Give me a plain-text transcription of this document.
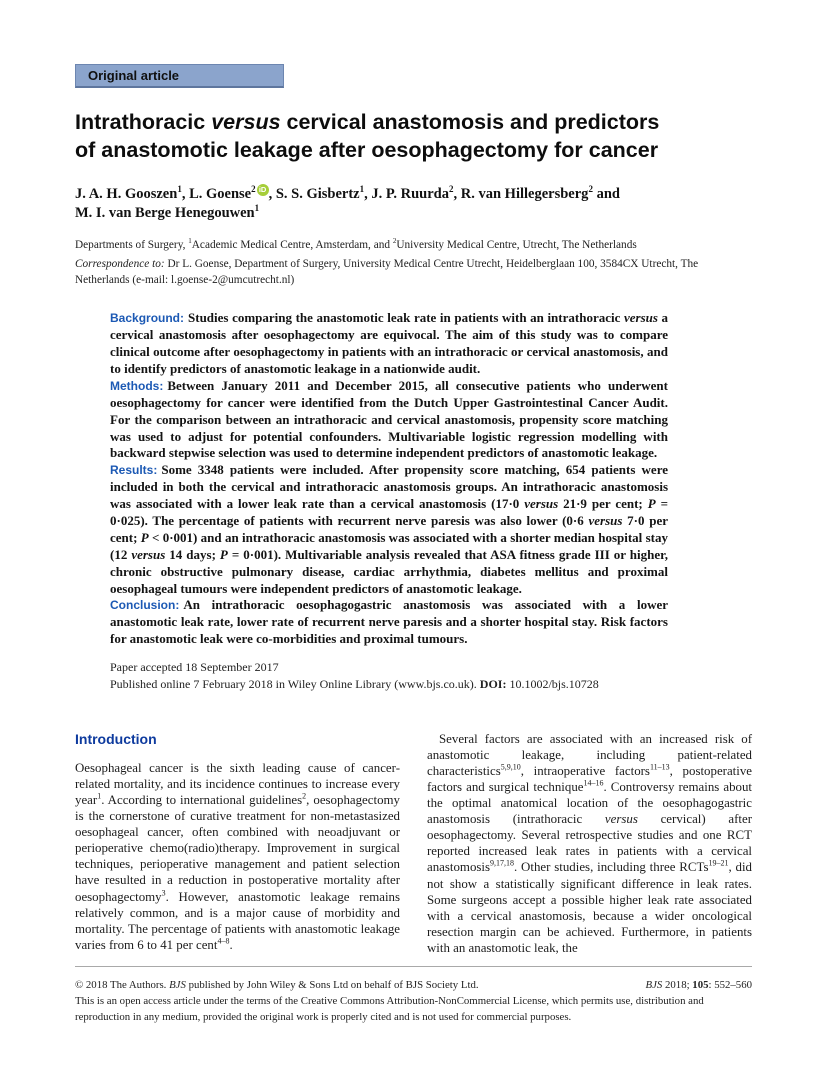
Original article
Intrathoracic versus cervical anastomosis and predictors
of anastomotic leakage after oesophagectomy for cancer
J. A. H. Gooszen$^1$, L. Goense$^2$ iD , S. S. Gisbertz$^1$, J. P. Ruurda$^2$, R. van Hillegersberg$^2$ and
M. I. van Berge Henegouwen$^1$
Departments of Surgery, $^1$Academic Medical Centre, Amsterdam, and $^2$University Medical Centre, Utrecht, The Netherlands
Correspondence to: Dr L. Goense, Department of Surgery, University Medical Centre Utrecht, Heidelberglaan 100, 3584CX Utrecht, The Netherlands (e-mail: l.goense-2@umcutrecht.nl)

Background: Studies comparing the anastomotic leak rate in patients with an intrathoracic versus a cervical anastomosis after oesophagectomy are equivocal. The aim of this study was to compare clinical outcome after oesophagectomy in patients with an intrathoracic or cervical anastomosis, and to identify predictors of anastomotic leakage in a nationwide audit.

Methods: Between January 2011 and December 2015, all consecutive patients who underwent oesophagectomy for cancer were identified from the Dutch Upper Gastrointestinal Cancer Audit. For the comparison between an intrathoracic and cervical anastomosis, propensity score matching was used to adjust for potential confounders. Multivariable logistic regression modelling with backward stepwise selection was used to determine independent predictors of anastomotic leakage.

Results: Some 3348 patients were included. After propensity score matching, 654 patients were included in both the cervical and intrathoracic anastomosis groups. An intrathoracic anastomosis was associated with a lower leak rate than a cervical anastomosis (17·0 versus 21·9 per cent; P = 0·025). The percentage of patients with recurrent nerve paresis was also lower (0·6 versus 7·0 per cent; P < 0·001) and an intrathoracic anastomosis was associated with a shorter median hospital stay (12 versus 14 days; P = 0·001). Multivariable analysis revealed that ASA fitness grade III or higher, chronic obstructive pulmonary disease, cardiac arrhythmia, diabetes mellitus and proximal oesophageal tumours were independent predictors of anastomotic leakage.

Conclusion: An intrathoracic oesophagogastric anastomosis was associated with a lower anastomotic leak rate, lower rate of recurrent nerve paresis and a shorter hospital stay. Risk factors for anastomotic leak were co-morbidities and proximal tumours.

Paper accepted 18 September 2017

Published online 7 February 2018 in Wiley Online Library (www.bjs.co.uk). DOI: 10.1002/bjs.10728

Introduction

Oesophageal cancer is the sixth leading cause of cancer-related mortality, and its incidence continues to increase every year$^1$. According to international guidelines$^2$, oesophagectomy is the cornerstone of curative treatment for non-metastasized oesophageal cancer, often combined with neoadjuvant or perioperative chemo(radio)therapy. Improvement in surgical techniques, perioperative management and patient selection have resulted in a reduction in postoperative mortality after oesophagectomy$^3$. However, anastomotic leakage remains relatively common, and is a major cause of morbidity and mortality. The percentage of patients with anastomotic leakage varies from 6 to 41 per cent$^{4-8}$.

Several factors are associated with an increased risk of anastomotic leakage, including patient-related characteristics$^{5,9,10}$, intraoperative factors$^{11-13}$, postoperative factors and surgical technique$^{14-16}$. Controversy remains about the optimal anatomical location of the oesophagogastric anastomosis (intrathoracic versus cervical) after oesophagectomy. Several retrospective studies and one RCT reported increased leak rates in patients with a cervical anastomosis$^{9,17,18}$. Other studies, including three RCTs$^{19-21}$, did not show a statistically significant difference in leak rates. Some surgeons accept a possible higher leak rate associated with a cervical anastomosis, because a wider oncological resection margin can be achieved. Furthermore, in patients with an anastomotic leak, the

© 2018 The Authors. BJS published by John Wiley & Sons Ltd on behalf of BJS Society Ltd.	BJS 2018; 105: 552–560

This is an open access article under the terms of the Creative Commons Attribution-NonCommercial License, which permits use, distribution and reproduction in any medium, provided the original work is properly cited and is not used for commercial purposes.
